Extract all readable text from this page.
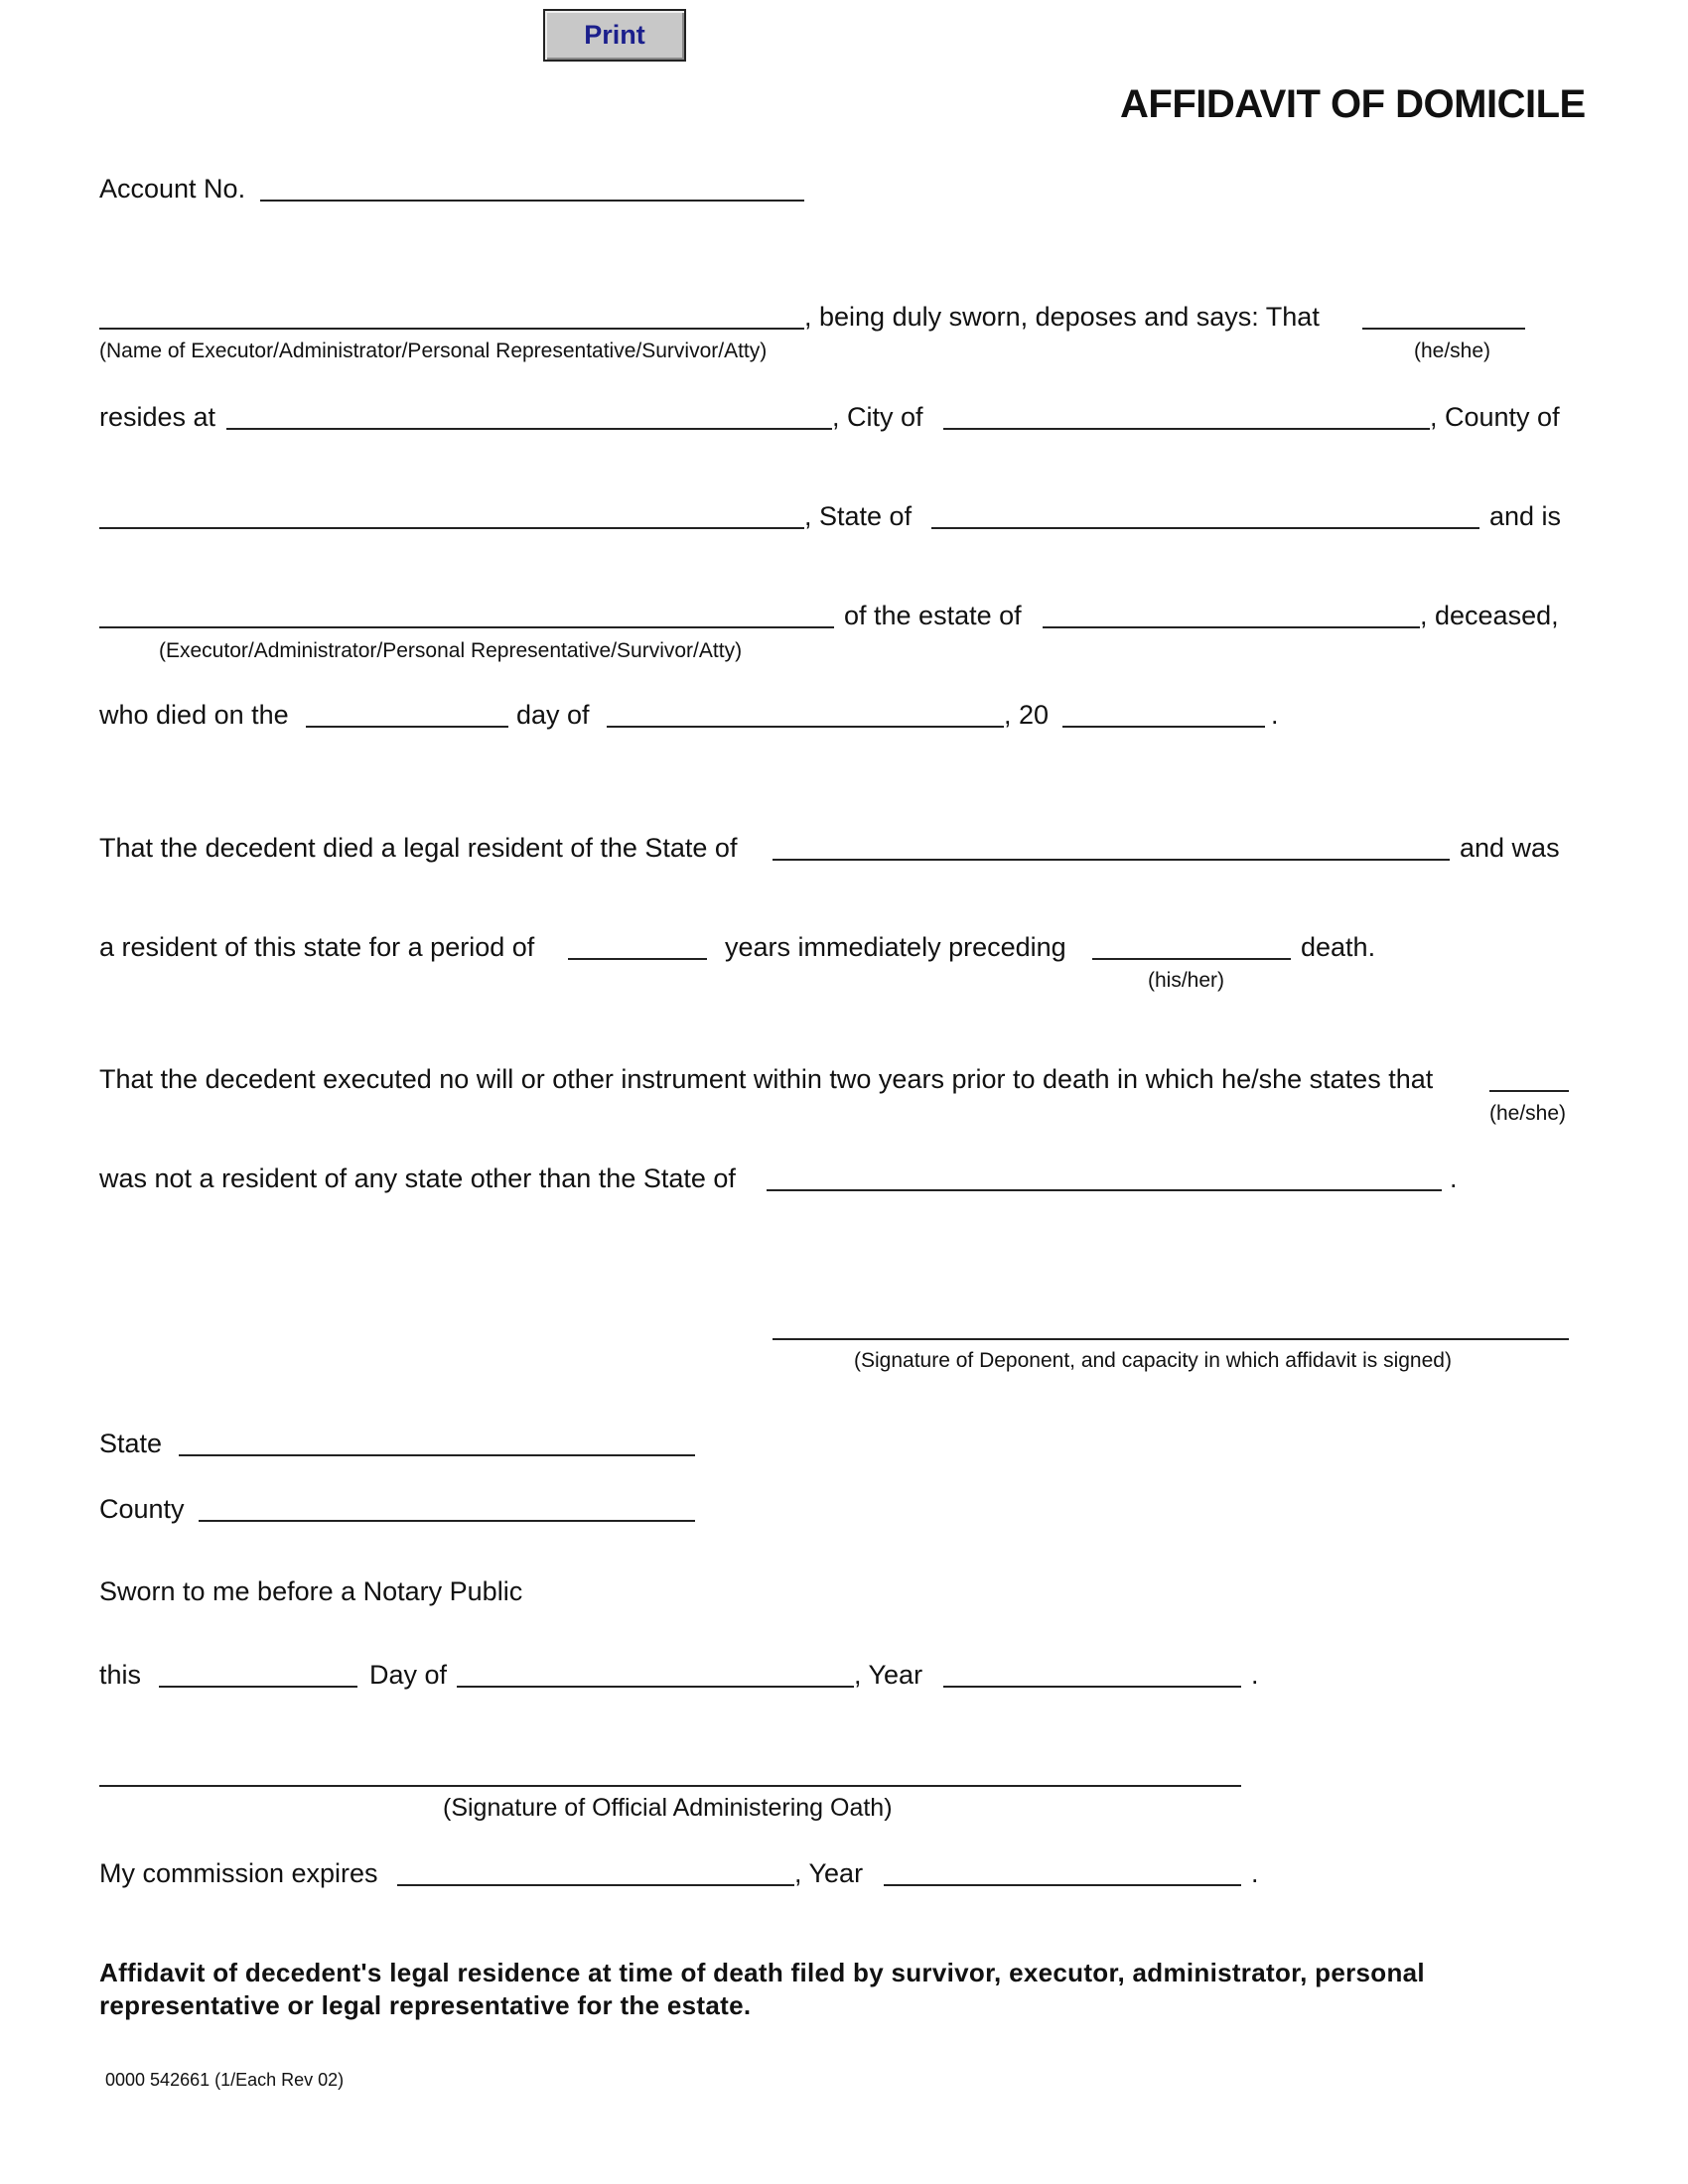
Print
AFFIDAVIT OF DOMICILE
Account No.
, being duly sworn, deposes and says: That
(Name of Executor/Administrator/Personal Representative/Survivor/Atty)	(he/she)
resides at	, City of	, County of
, State of	and is
of the estate of	, deceased,
(Executor/Administrator/Personal Representative/Survivor/Atty)
who died on the	day of	, 20	.
That the decedent died a legal resident of the State of	and was
a resident of this state for a period of	years immediately preceding	death.
(his/her)
That the decedent executed no will or other instrument within two years prior to death in which he/she states that
(he/she)
was not a resident of any state other than the State of	.
(Signature of Deponent, and capacity in which affidavit is signed)
State
County
Sworn to me before a Notary Public
this	Day of	, Year	.
(Signature of Official Administering Oath)
My commission expires	, Year	.
Affidavit of decedent's legal residence at time of death filed by survivor, executor, administrator, personal
representative or legal representative for the estate.
0000 542661 (1/Each Rev 02)
